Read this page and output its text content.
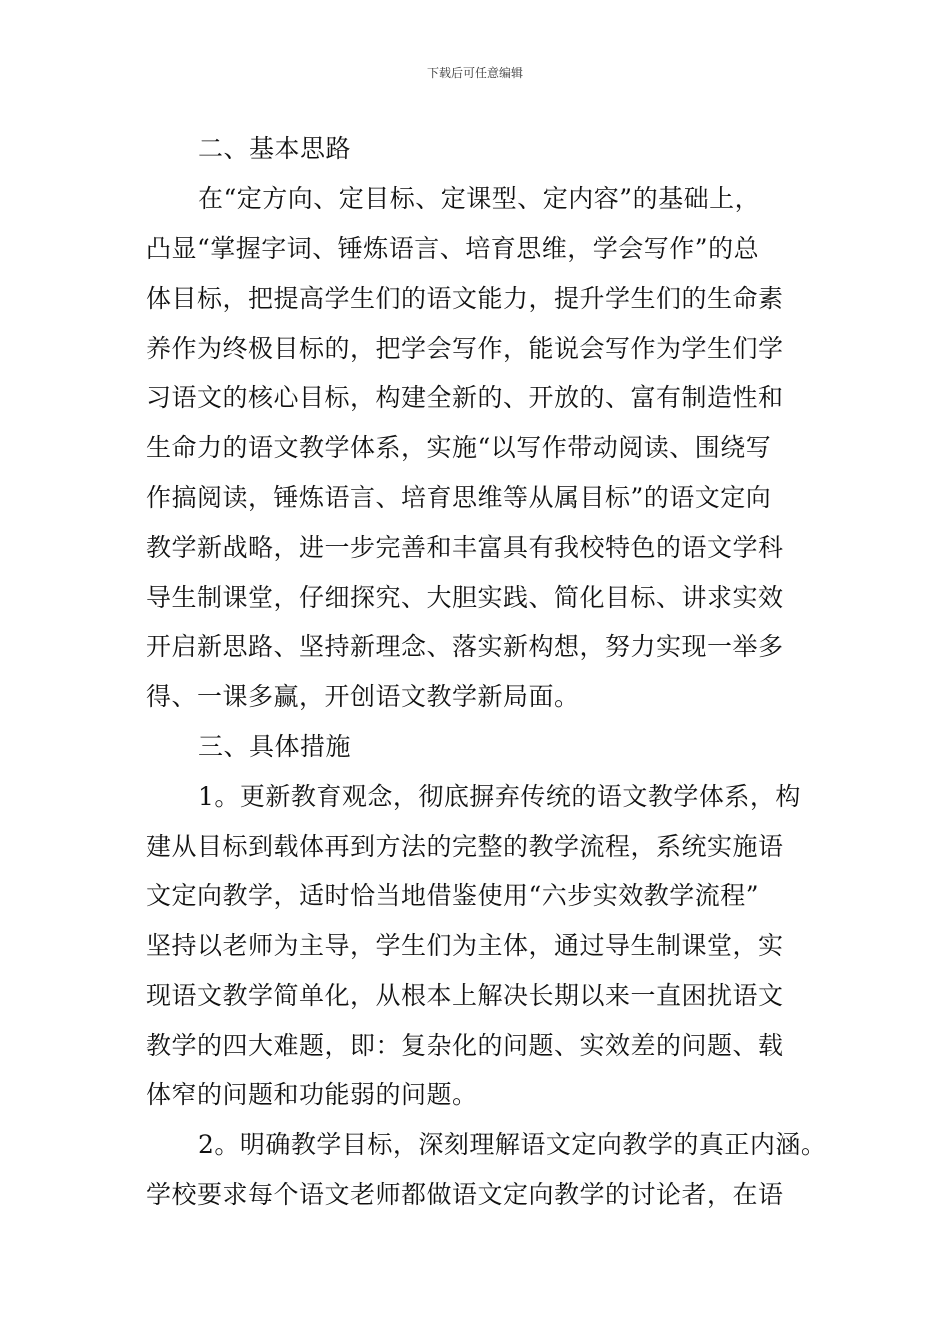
下载后可任意编辑
二、基本思路
在“定方向、定目标、定课型、定内容”的基础上，
凸显“掌握字词、锤炼语言、培育思维，学会写作”的总
体目标，把提高学生们的语文能力，提升学生们的生命素
养作为终极目标的，把学会写作，能说会写作为学生们学
习语文的核心目标，构建全新的、开放的、富有制造性和
生命力的语文教学体系，实施“以写作带动阅读、围绕写
作搞阅读，锤炼语言、培育思维等从属目标”的语文定向
教学新战略，进一步完善和丰富具有我校特色的语文学科
导生制课堂，仔细探究、大胆实践、简化目标、讲求实效
开启新思路、坚持新理念、落实新构想，努力实现一举多
得、一课多赢，开创语文教学新局面。
三、具体措施
1。更新教育观念，彻底摒弃传统的语文教学体系，构
建从目标到载体再到方法的完整的教学流程，系统实施语
文定向教学，适时恰当地借鉴使用“六步实效教学流程”
坚持以老师为主导，学生们为主体，通过导生制课堂，实
现语文教学简单化，从根本上解决长期以来一直困扰语文
教学的四大难题，即：复杂化的问题、实效差的问题、载
体窄的问题和功能弱的问题。
2。明确教学目标，深刻理解语文定向教学的真正内涵。
学校要求每个语文老师都做语文定向教学的讨论者，在语
